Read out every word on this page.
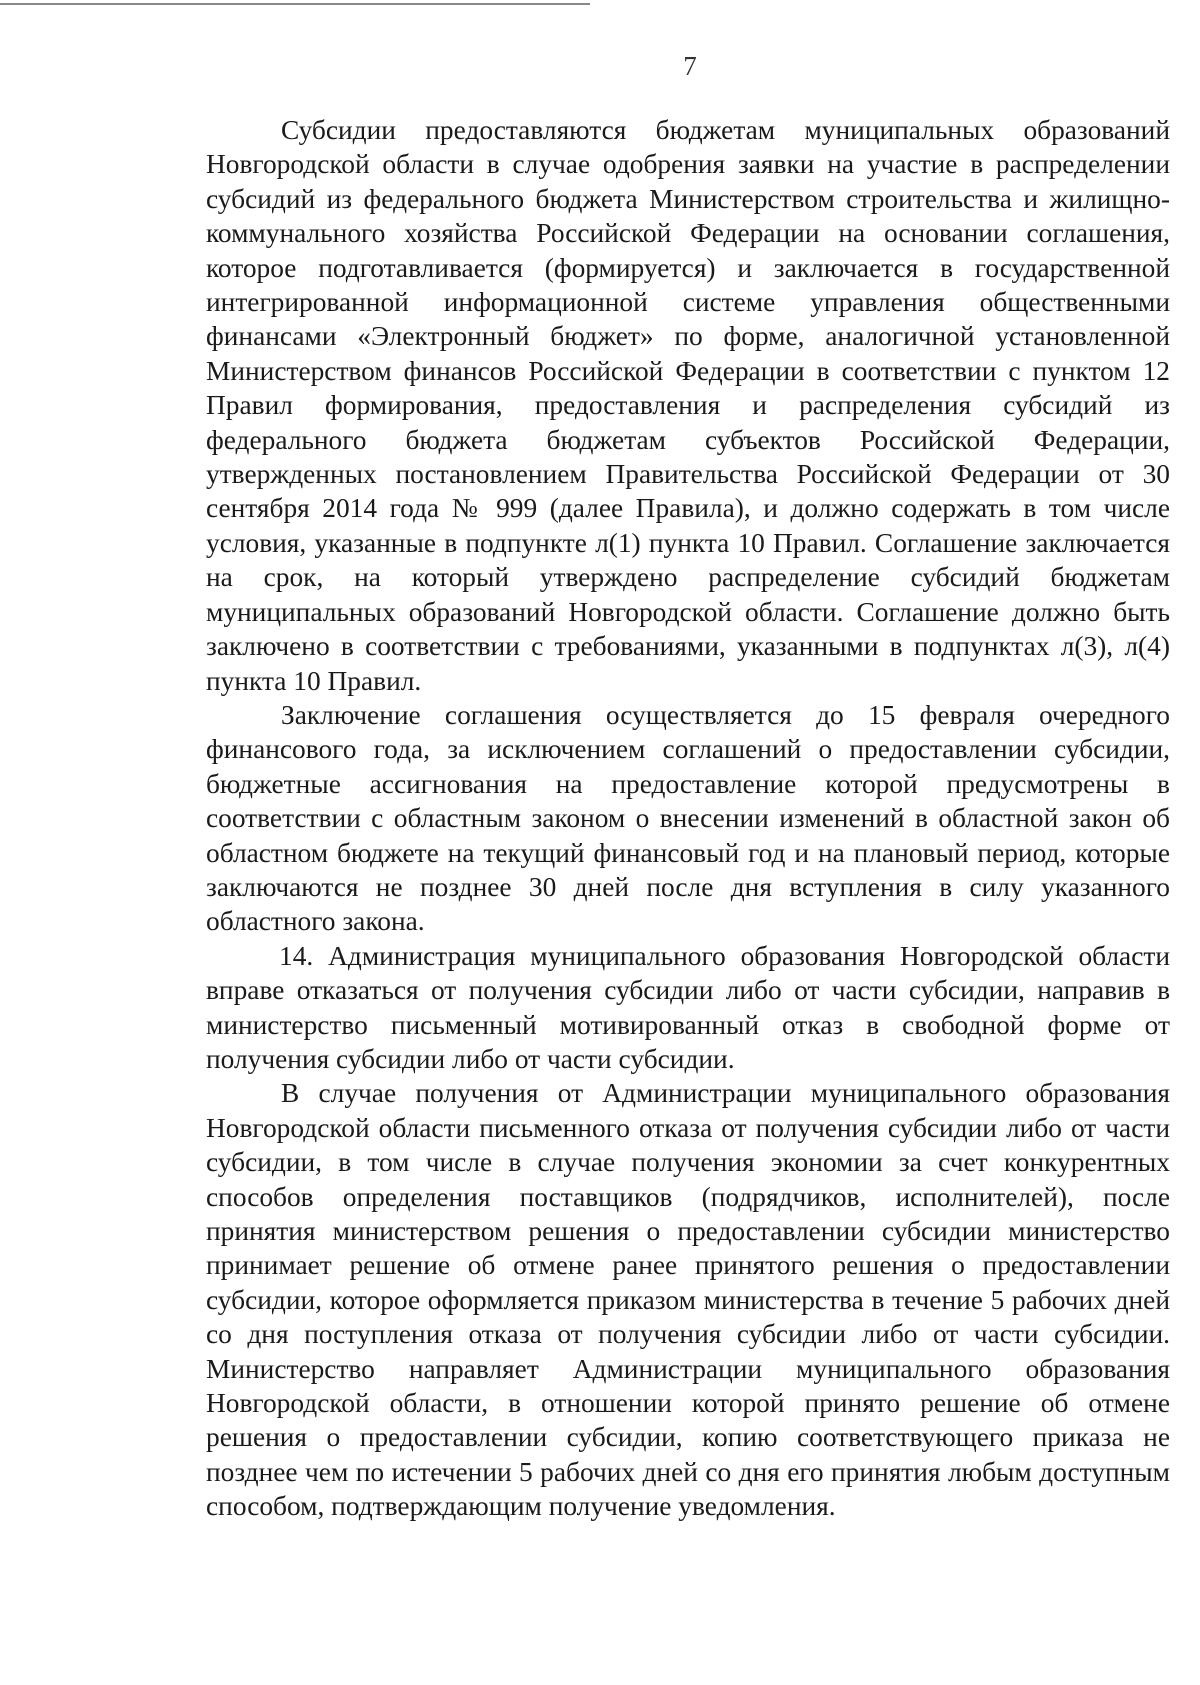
7

Субсидии предоставляются бюджетам муниципальных образований Новгородской области в случае одобрения заявки на участие в распределении субсидий из федерального бюджета Министерством строительства и жилищно-коммунального хозяйства Российской Федерации на основании соглашения, которое подготавливается (формируется) и заключается в государственной интегрированной информационной системе управления общественными финансами «Электронный бюджет» по форме, аналогичной установленной Министерством финансов Российской Федерации в соответствии с пунктом 12 Правил формирования, предоставления и распределения субсидий из федерального бюджета бюджетам субъектов Российской Федерации, утвержденных постановлением Правительства Российской Федерации от 30 сентября 2014 года № 999 (далее Правила), и должно содержать в том числе условия, указанные в подпункте л(1) пункта 10 Правил. Соглашение заключается на срок, на который утверждено распределение субсидий бюджетам муниципальных образований Новгородской области. Соглашение должно быть заключено в соответствии с требованиями, указанными в подпунктах л(3), л(4) пункта 10 Правил.

Заключение соглашения осуществляется до 15 февраля очередного финансового года, за исключением соглашений о предоставлении субсидии, бюджетные ассигнования на предоставление которой предусмотрены в соответствии с областным законом о внесении изменений в областной закон об областном бюджете на текущий финансовый год и на плановый период, которые заключаются не позднее 30 дней после дня вступления в силу указанного областного закона.

14. Администрация муниципального образования Новгородской области вправе отказаться от получения субсидии либо от части субсидии, направив в министерство письменный мотивированный отказ в свободной форме от получения субсидии либо от части субсидии.

В случае получения от Администрации муниципального образования Новгородской области письменного отказа от получения субсидии либо от части субсидии, в том числе в случае получения экономии за счет конкурентных способов определения поставщиков (подрядчиков, исполнителей), после принятия министерством решения о предоставлении субсидии министерство принимает решение об отмене ранее принятого решения о предоставлении субсидии, которое оформляется приказом министерства в течение 5 рабочих дней со дня поступления отказа от получения субсидии либо от части субсидии. Министерство направляет Администрации муниципального образования Новгородской области, в отношении которой принято решение об отмене решения о предоставлении субсидии, копию соответствующего приказа не позднее чем по истечении 5 рабочих дней со дня его принятия любым доступным способом, подтверждающим получение уведомления.
